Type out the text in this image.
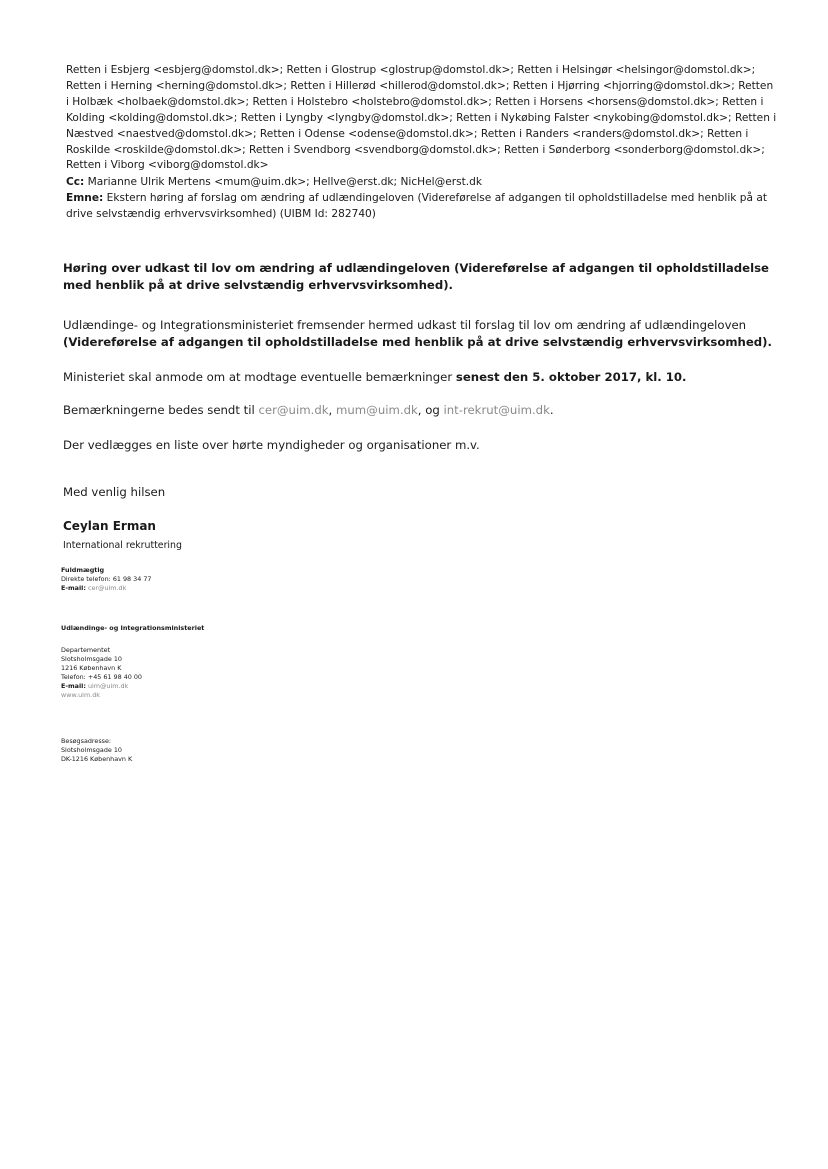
Retten i Esbjerg <esbjerg@domstol.dk>; Retten i Glostrup <glostrup@domstol.dk>; Retten i Helsingør <helsingor@domstol.dk>; Retten i Herning <herning@domstol.dk>; Retten i Hillerød <hillerod@domstol.dk>; Retten i Hjørring <hjorring@domstol.dk>; Retten i Holbæk <holbaek@domstol.dk>; Retten i Holstebro <holstebro@domstol.dk>; Retten i Horsens <horsens@domstol.dk>; Retten i Kolding <kolding@domstol.dk>; Retten i Lyngby <lyngby@domstol.dk>; Retten i Nykøbing Falster <nykobing@domstol.dk>; Retten i Næstved <naestved@domstol.dk>; Retten i Odense <odense@domstol.dk>; Retten i Randers <randers@domstol.dk>; Retten i Roskilde <roskilde@domstol.dk>; Retten i Svendborg <svendborg@domstol.dk>; Retten i Sønderborg <sonderborg@domstol.dk>; Retten i Viborg <viborg@domstol.dk>

Cc: Marianne Ulrik Mertens <mum@uim.dk>; Hellve@erst.dk; NicHel@erst.dk

Emne: Ekstern høring af forslag om ændring af udlændingeloven (Videreførelse af adgangen til opholdstilladelse med henblik på at drive selvstændig erhvervsvirksomhed) (UIBM Id: 282740)

Høring over udkast til lov om ændring af udlændingeloven (Videreførelse af adgangen til opholdstilladelse med henblik på at drive selvstændig erhvervsvirksomhed).

Udlændinge- og Integrationsministeriet fremsender hermed udkast til forslag til lov om ændring af udlændingeloven (Videreførelse af adgangen til opholdstilladelse med henblik på at drive selvstændig erhvervsvirksomhed).

Ministeriet skal anmode om at modtage eventuelle bemærkninger senest den 5. oktober 2017, kl. 10.

Bemærkningerne bedes sendt til cer@uim.dk, mum@uim.dk, og int-rekrut@uim.dk.

Der vedlægges en liste over hørte myndigheder og organisationer m.v.

Med venlig hilsen

Ceylan Erman

International rekruttering

Fuldmægtig

Direkte telefon: 61 98 34 77

E-mail: cer@uim.dk

Udlændinge- og Integrationsministeriet

Departementet

Slotsholmsgade 10

1216 København K

Telefon: +45 61 98 40 00

E-mail: uim@uim.dk

www.uim.dk

Besøgsadresse:

Slotsholmsgade 10

DK-1216 København K
